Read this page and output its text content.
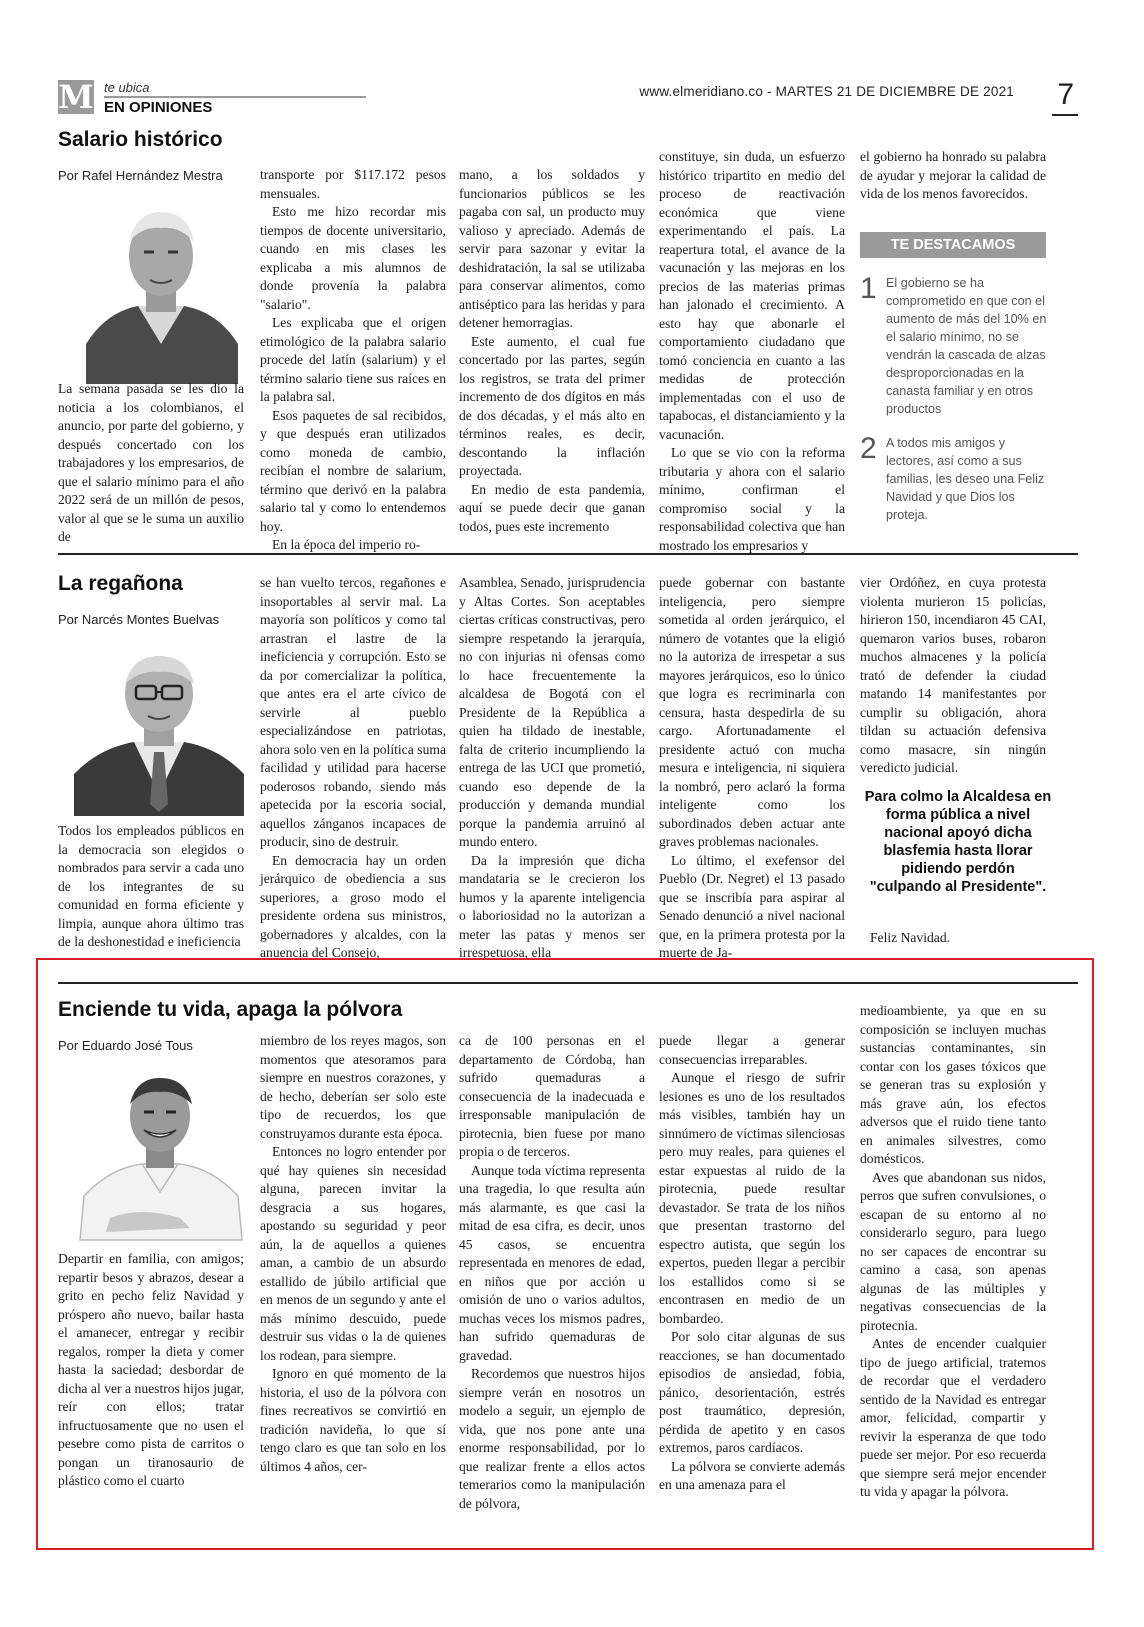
M te ubica
EN OPINIONES
www.elmeridiano.co - MARTES 21 DE DICIEMBRE DE 2021 7
Salario histórico
Por Rafel Hernández Mestra

La semana pasada se les dio la noticia a los colombianos, el anuncio, por parte del gobierno, y después concertado con los trabajadores y los empresarios, de que el salario mínimo para el año 2022 será de un millón de pesos, valor al que se le suma un auxilio de

transporte por $117.172 pesos mensuales.

Esto me hizo recordar mis tiempos de docente universitario, cuando en mis clases les explicaba a mis alumnos de donde provenía la palabra "salario".

Les explicaba que el origen etimológico de la palabra salario procede del latín (salarium) y el término salario tiene sus raíces en la palabra sal.

Esos paquetes de sal recibidos, y que después eran utilizados como moneda de cambio, recibían el nombre de salarium, término que derivó en la palabra salario tal y como lo entendemos hoy.

En la época del imperio ro-

mano, a los soldados y funcionarios públicos se les pagaba con sal, un producto muy valioso y apreciado. Además de servir para sazonar y evitar la deshidratación, la sal se utilizaba para conservar alimentos, como antiséptico para las heridas y para detener hemorragias.

Este aumento, el cual fue concertado por las partes, según los registros, se trata del primer incremento de dos dígitos en más de dos décadas, y el más alto en términos reales, es decir, descontando la inflación proyectada.

En medio de esta pandemia, aquí se puede decir que ganan todos, pues este incremento

constituye, sin duda, un esfuerzo histórico tripartito en medio del proceso de reactivación económica que viene experimentando el país. La reapertura total, el avance de la vacunación y las mejoras en los precios de las materias primas han jalonado el crecimiento. A esto hay que abonarle el comportamiento ciudadano que tomó conciencia en cuanto a las medidas de protección implementadas con el uso de tapabocas, el distanciamiento y la vacunación.

Lo que se vio con la reforma tributaria y ahora con el salario mínimo, confirman el compromiso social y la responsabilidad colectiva que han mostrado los empresarios y

el gobierno ha honrado su palabra de ayudar y mejorar la calidad de vida de los menos favorecidos.

TE DESTACAMOS
1 El gobierno se ha comprometido en que con el aumento de más del 10% en el salario mínimo, no se vendrán la cascada de alzas desproporcionadas en la canasta familiar y en otros productos
2 A todos mis amigos y lectores, así como a sus familias, les deseo una Feliz Navidad y que Dios los proteja.
La regañona
Por Narcés Montes Buelvas

Todos los empleados públicos en la democracia son elegidos o nombrados para servir a cada uno de los integrantes de su comunidad en forma eficiente y limpia, aunque ahora último tras de la deshonestidad e ineficiencia

se han vuelto tercos, regañones e insoportables al servir mal. La mayoría son políticos y como tal arrastran el lastre de la ineficiencia y corrupción. Esto se da por comercializar la política, que antes era el arte cívico de servirle al pueblo especializándose en patriotas, ahora solo ven en la política suma facilidad y utilidad para hacerse poderosos robando, siendo más apetecida por la escoria social, aquellos zánganos incapaces de producir, sino de destruir.

En democracia hay un orden jerárquico de obediencia a sus superiores, a groso modo el presidente ordena sus ministros, gobernadores y alcaldes, con la anuencia del Consejo,

Asamblea, Senado, jurisprudencia y Altas Cortes. Son aceptables ciertas críticas constructivas, pero siempre respetando la jerarquía, no con injurias ni ofensas como lo hace frecuentemente la alcaldesa de Bogotá con el Presidente de la República a quien ha tildado de inestable, falta de criterio incumpliendo la entrega de las UCI que prometió, cuando eso depende de la producción y demanda mundial porque la pandemia arruinó al mundo entero.

Da la impresión que dicha mandataria se le crecieron los humos y la aparente inteligencia o laboriosidad no la autorizan a meter las patas y menos ser irrespetuosa, ella

puede gobernar con bastante inteligencia, pero siempre sometida al orden jerárquico, el número de votantes que la eligió no la autoriza de irrespetar a sus mayores jerárquicos, eso lo único que logra es recriminarla con censura, hasta despedirla de su cargo. Afortunadamente el presidente actuó con mucha mesura e inteligencia, ni siquiera la nombró, pero aclaró la forma inteligente como los subordinados deben actuar ante graves problemas nacionales.

Lo último, el exefensor del Pueblo (Dr. Negret) el 13 pasado que se inscribía para aspirar al Senado denunció a nivel nacional que, en la primera protesta por la muerte de Ja-

vier Ordóñez, en cuya protesta violenta murieron 15 policías, hirieron 150, incendiaron 45 CAI, quemaron varios buses, robaron muchos almacenes y la policía trató de defender la ciudad matando 14 manifestantes por cumplir su obligación, ahora tildan su actuación defensiva como masacre, sin ningún veredicto judicial.

Para colmo la Alcaldesa en forma pública a nivel nacional apoyó dicha blasfemia hasta llorar pidiendo perdón "culpando al Presidente".
Feliz Navidad.
Enciende tu vida, apaga la pólvora
Por Eduardo José Tous

Departir en familia, con amigos; repartir besos y abrazos, desear a grito en pecho feliz Navidad y próspero año nuevo, bailar hasta el amanecer, entregar y recibir regalos, romper la dieta y comer hasta la saciedad; desbordar de dicha al ver a nuestros hijos jugar, reír con ellos; tratar infructuosamente que no usen el pesebre como pista de carritos o pongan un tiranosaurio de plástico como el cuarto

miembro de los reyes magos, son momentos que atesoramos para siempre en nuestros corazones, y de hecho, deberían ser solo este tipo de recuerdos, los que construyamos durante esta época.

Entonces no logro entender por qué hay quienes sin necesidad alguna, parecen invitar la desgracia a sus hogares, apostando su seguridad y peor aún, la de aquellos a quienes aman, a cambio de un absurdo estallido de júbilo artificial que en menos de un segundo y ante el más mínimo descuido, puede destruir sus vidas o la de quienes los rodean, para siempre.

Ignoro en qué momento de la historia, el uso de la pólvora con fines recreativos se convirtió en tradición navideña, lo que sí tengo claro es que tan solo en los últimos 4 años, cer-

ca de 100 personas en el departamento de Córdoba, han sufrido quemaduras a consecuencia de la inadecuada e irresponsable manipulación de pirotecnia, bien fuese por mano propia o de terceros.

Aunque toda víctima representa una tragedia, lo que resulta aún más alarmante, es que casi la mitad de esa cifra, es decir, unos 45 casos, se encuentra representada en menores de edad, en niños que por acción u omisión de uno o varios adultos, muchas veces los mismos padres, han sufrido quemaduras de gravedad.

Recordemos que nuestros hijos siempre verán en nosotros un modelo a seguir, un ejemplo de vida, que nos pone ante una enorme responsabilidad, por lo que realizar frente a ellos actos temerarios como la manipulación de pólvora,

puede llegar a generar consecuencias irreparables.

Aunque el riesgo de sufrir lesiones es uno de los resultados más visibles, también hay un sinnúmero de víctimas silenciosas pero muy reales, para quienes el estar expuestas al ruido de la pirotecnia, puede resultar devastador. Se trata de los niños que presentan trastorno del espectro autista, que según los expertos, pueden llegar a percibir los estallidos como si se encontrasen en medio de un bombardeo.

Por solo citar algunas de sus reacciones, se han documentado episodios de ansiedad, fobia, pánico, desorientación, estrés post traumático, depresión, pérdida de apetito y en casos extremos, paros cardíacos.

La pólvora se convierte además en una amenaza para el

medioambiente, ya que en su composición se incluyen muchas sustancias contaminantes, sin contar con los gases tóxicos que se generan tras su explosión y más grave aún, los efectos adversos que el ruido tiene tanto en animales silvestres, como domésticos.

Aves que abandonan sus nidos, perros que sufren convulsiones, o escapan de su entorno al no considerarlo seguro, para luego no ser capaces de encontrar su camino a casa, son apenas algunas de las múltiples y negativas consecuencias de la pirotecnia.

Antes de encender cualquier tipo de juego artificial, tratemos de recordar que el verdadero sentido de la Navidad es entregar amor, felicidad, compartir y revivir la esperanza de que todo puede ser mejor. Por eso recuerda que siempre será mejor encender tu vida y apagar la pólvora.
